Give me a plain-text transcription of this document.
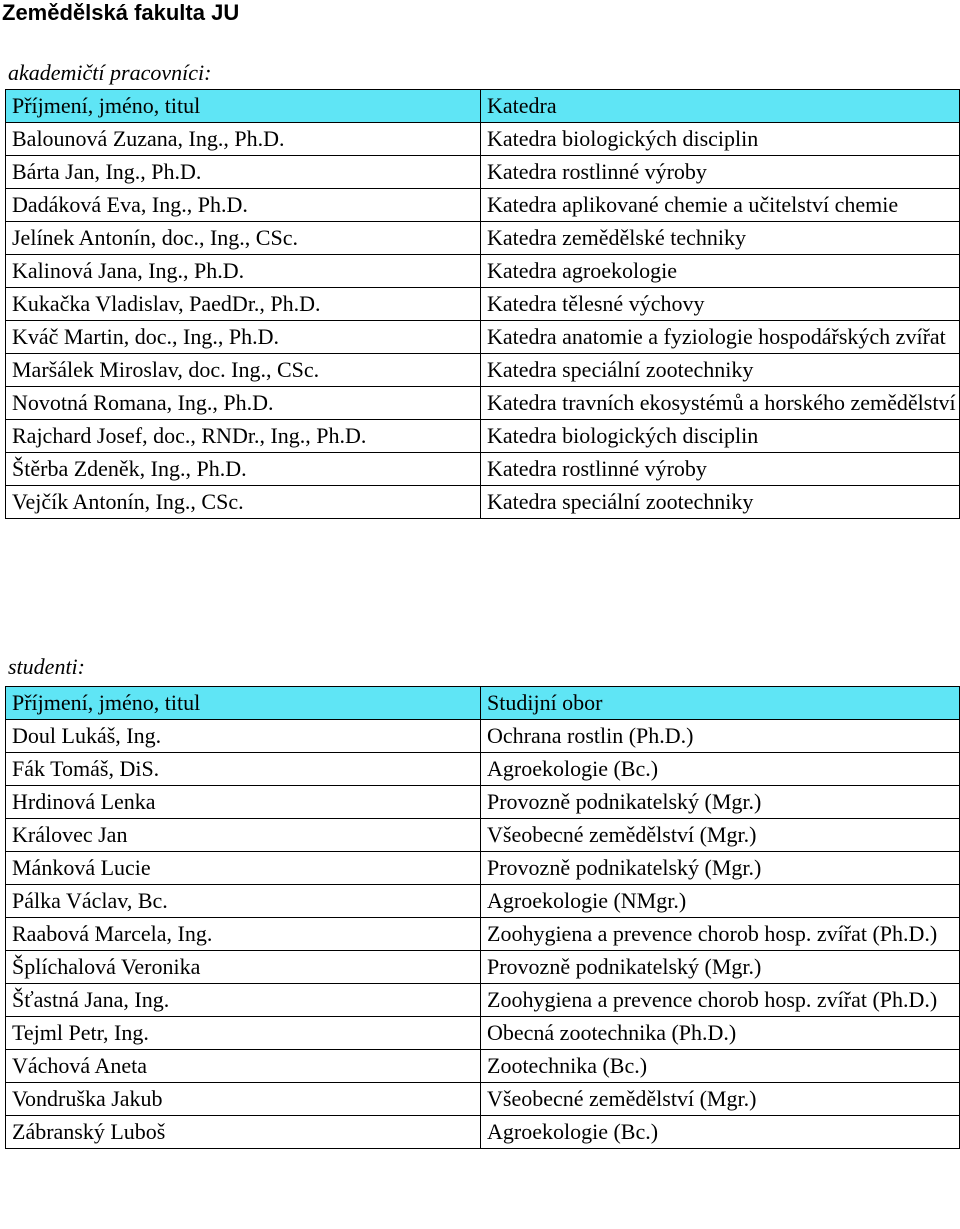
Zemědělská fakulta JU
akademičtí pracovníci:
Příjmení, jméno, titul	Katedra
Balounová Zuzana, Ing., Ph.D.	Katedra biologických disciplin
Bárta Jan, Ing., Ph.D.	Katedra rostlinné výroby
Dadáková Eva, Ing., Ph.D.	Katedra aplikované chemie a učitelství chemie
Jelínek Antonín, doc., Ing., CSc.	Katedra zemědělské techniky
Kalinová Jana, Ing., Ph.D.	Katedra agroekologie
Kukačka Vladislav, PaedDr., Ph.D.	Katedra tělesné výchovy
Kváč Martin, doc., Ing., Ph.D.	Katedra anatomie a fyziologie hospodářských zvířat
Maršálek Miroslav, doc. Ing., CSc.	Katedra speciální zootechniky
Novotná Romana, Ing., Ph.D.	Katedra travních ekosystémů a horského zemědělství
Rajchard Josef, doc., RNDr., Ing., Ph.D.	Katedra biologických disciplin
Štěrba Zdeněk, Ing., Ph.D.	Katedra rostlinné výroby
Vejčík Antonín, Ing., CSc.	Katedra speciální zootechniky
studenti:
Příjmení, jméno, titul	Studijní obor
Doul Lukáš, Ing.	Ochrana rostlin (Ph.D.)
Fák Tomáš, DiS.	Agroekologie (Bc.)
Hrdinová Lenka	Provozně podnikatelský (Mgr.)
Královec Jan	Všeobecné zemědělství (Mgr.)
Mánková Lucie	Provozně podnikatelský (Mgr.)
Pálka Václav, Bc.	Agroekologie (NMgr.)
Raabová Marcela, Ing.	Zoohygiena a prevence chorob hosp. zvířat (Ph.D.)
Šplíchalová Veronika	Provozně podnikatelský (Mgr.)
Šťastná Jana, Ing.	Zoohygiena a prevence chorob hosp. zvířat (Ph.D.)
Tejml Petr, Ing.	Obecná zootechnika (Ph.D.)
Váchová Aneta	Zootechnika (Bc.)
Vondruška Jakub	Všeobecné zemědělství (Mgr.)
Zábranský Luboš	Agroekologie (Bc.)
